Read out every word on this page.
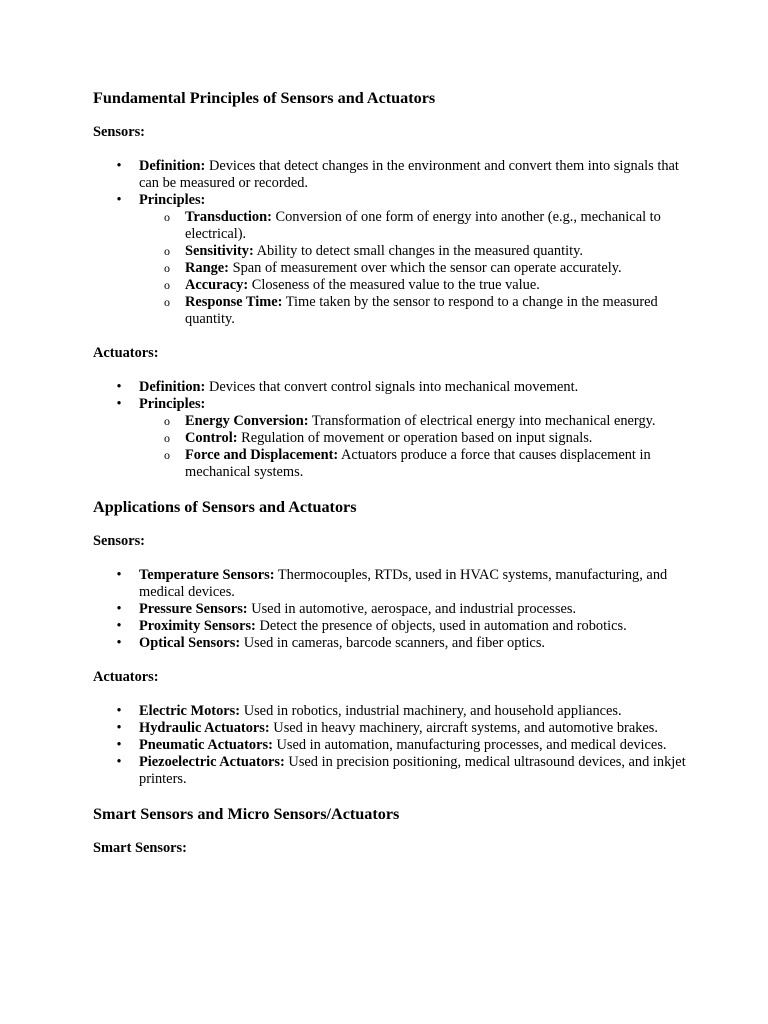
Fundamental Principles of Sensors and Actuators
Sensors:
• Definition: Devices that detect changes in the environment and convert them into signals that can be measured or recorded.
• Principles:
o Transduction: Conversion of one form of energy into another (e.g., mechanical to electrical).
o Sensitivity: Ability to detect small changes in the measured quantity.
o Range: Span of measurement over which the sensor can operate accurately.
o Accuracy: Closeness of the measured value to the true value.
o Response Time: Time taken by the sensor to respond to a change in the measured quantity.
Actuators:
• Definition: Devices that convert control signals into mechanical movement.
• Principles:
o Energy Conversion: Transformation of electrical energy into mechanical energy.
o Control: Regulation of movement or operation based on input signals.
o Force and Displacement: Actuators produce a force that causes displacement in mechanical systems.
Applications of Sensors and Actuators
Sensors:
• Temperature Sensors: Thermocouples, RTDs, used in HVAC systems, manufacturing, and medical devices.
• Pressure Sensors: Used in automotive, aerospace, and industrial processes.
• Proximity Sensors: Detect the presence of objects, used in automation and robotics.
• Optical Sensors: Used in cameras, barcode scanners, and fiber optics.
Actuators:
• Electric Motors: Used in robotics, industrial machinery, and household appliances.
• Hydraulic Actuators: Used in heavy machinery, aircraft systems, and automotive brakes.
• Pneumatic Actuators: Used in automation, manufacturing processes, and medical devices.
• Piezoelectric Actuators: Used in precision positioning, medical ultrasound devices, and inkjet printers.
Smart Sensors and Micro Sensors/Actuators
Smart Sensors:
